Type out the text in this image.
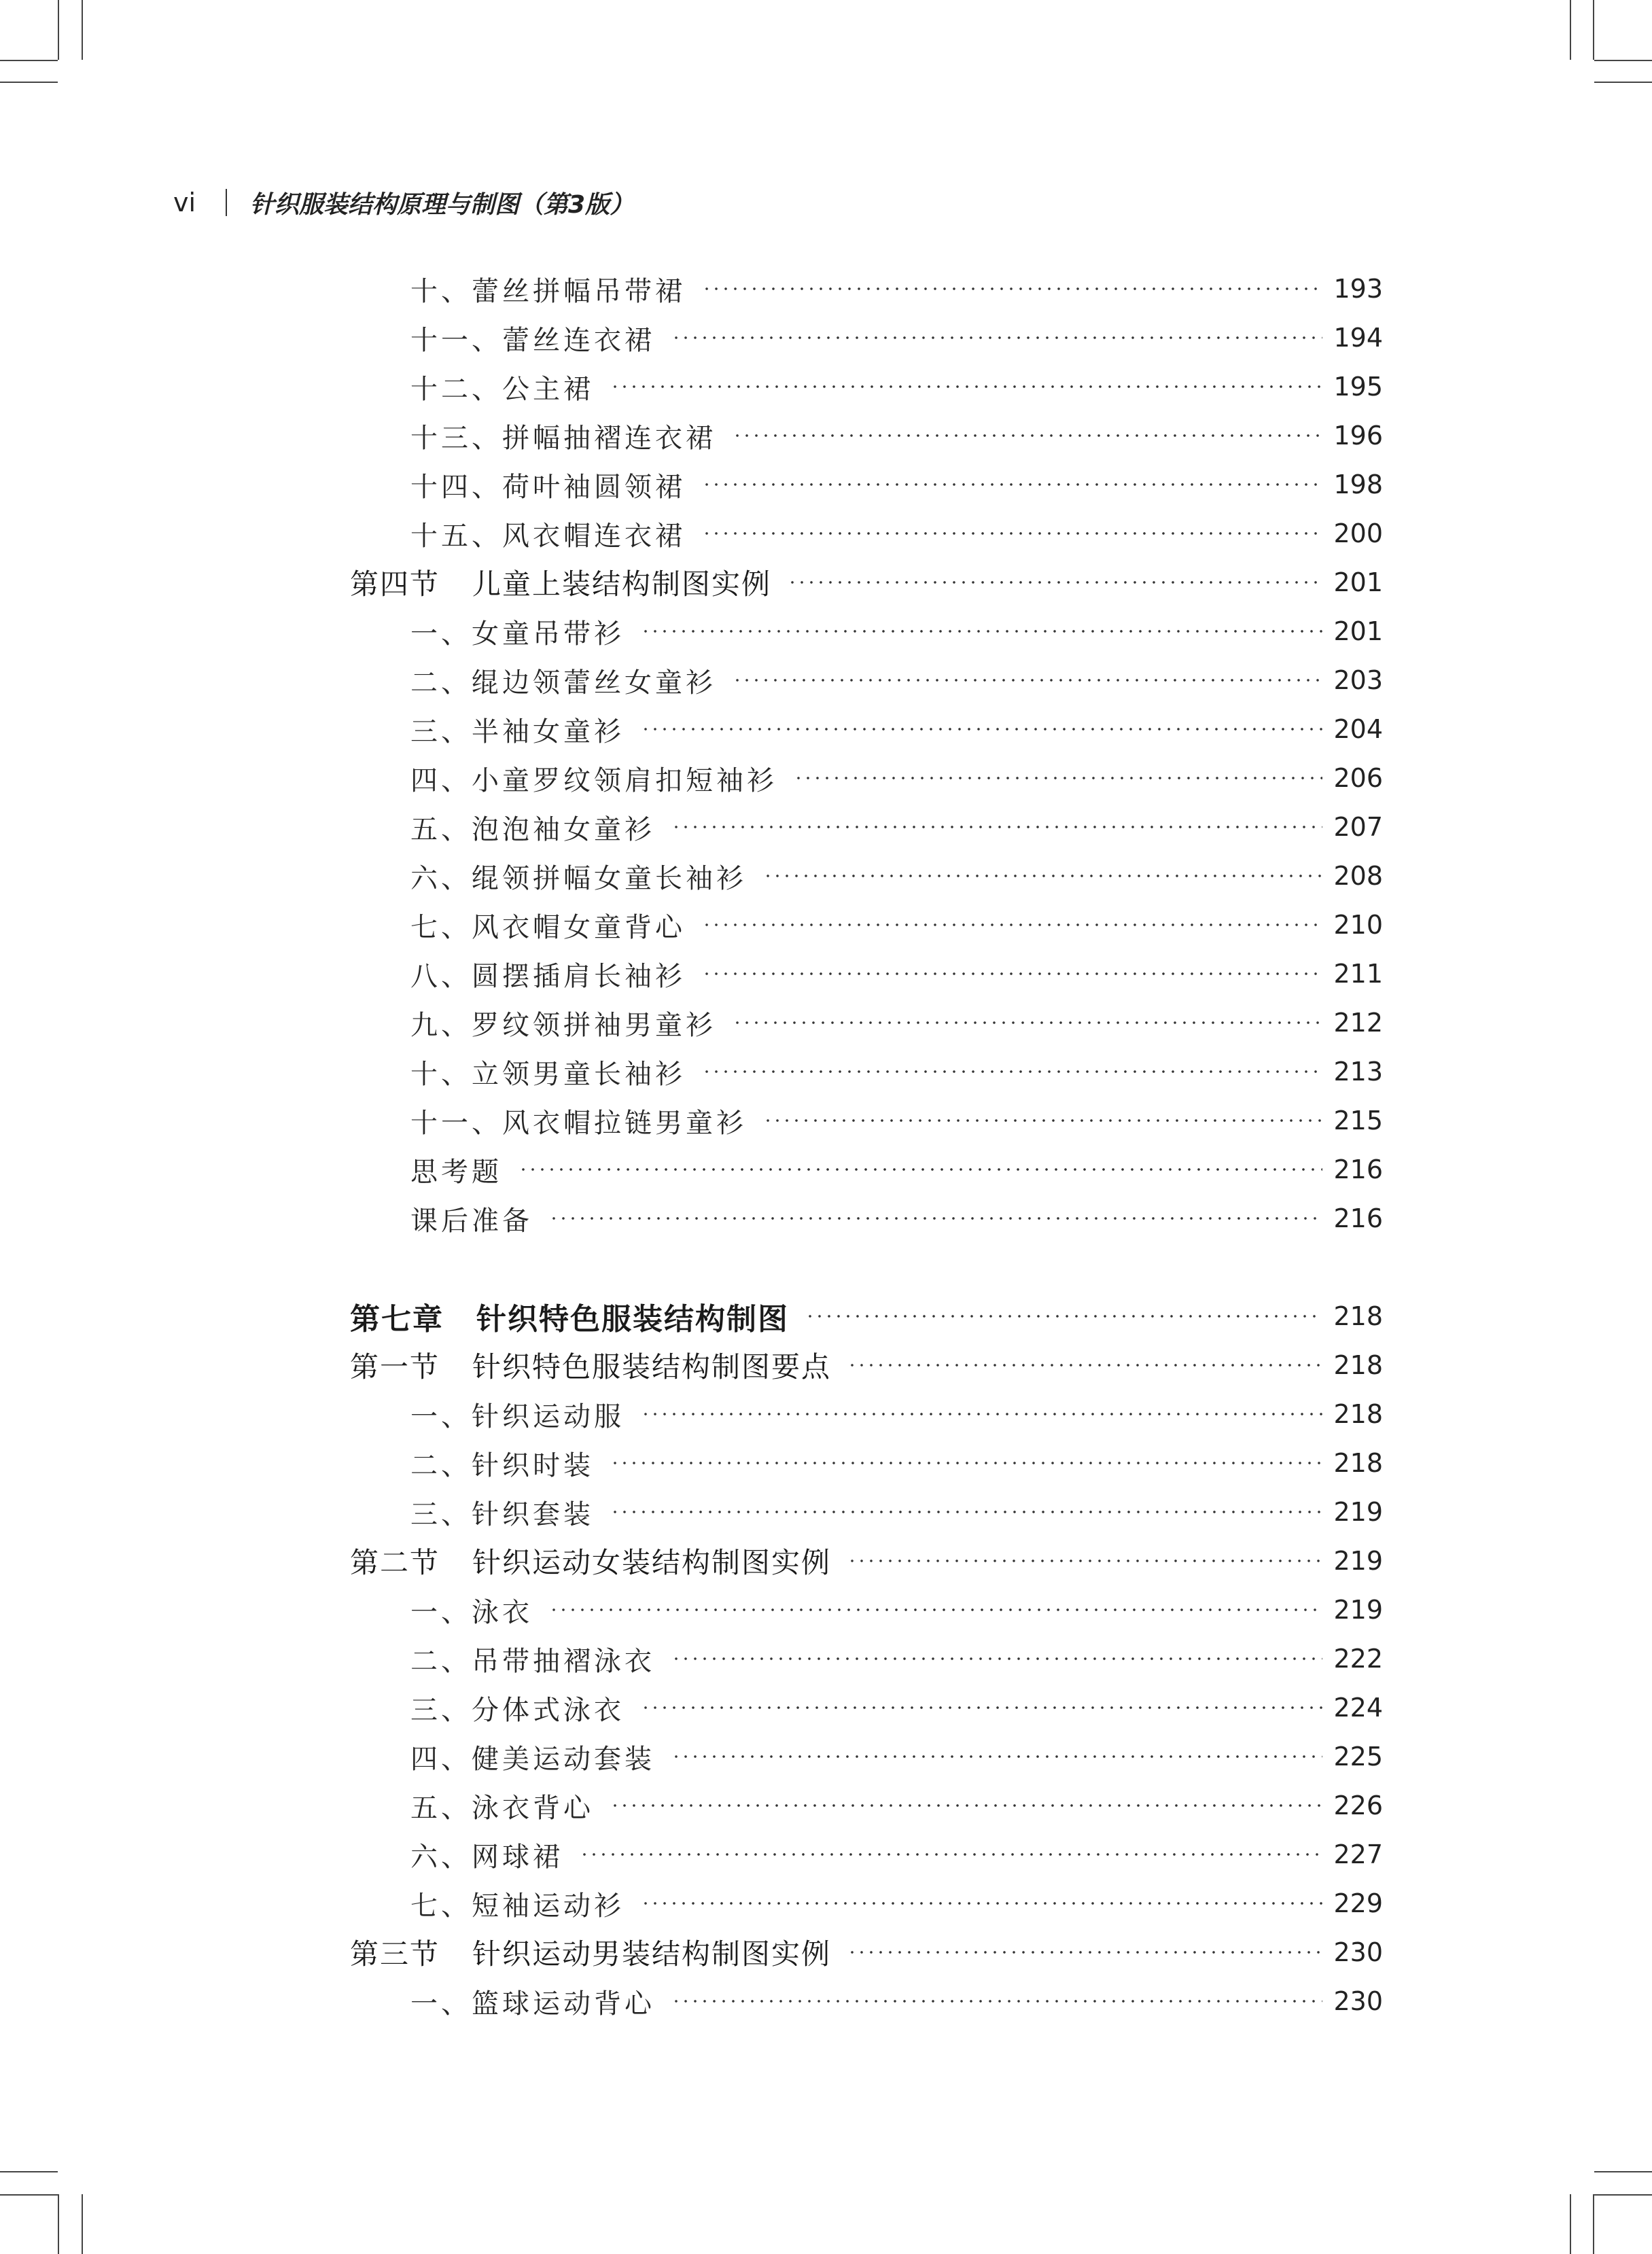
vi 针织服装结构原理与制图（第3版）
十、蕾丝拼幅吊带裙	193
十一、蕾丝连衣裙	194
十二、公主裙	195
十三、拼幅抽褶连衣裙	196
十四、荷叶袖圆领裙	198
十五、风衣帽连衣裙	200
第四节 儿童上装结构制图实例	201
一、女童吊带衫	201
二、绲边领蕾丝女童衫	203
三、半袖女童衫	204
四、小童罗纹领肩扣短袖衫	206
五、泡泡袖女童衫	207
六、绲领拼幅女童长袖衫	208
七、风衣帽女童背心	210
八、圆摆插肩长袖衫	211
九、罗纹领拼袖男童衫	212
十、立领男童长袖衫	213
十一、风衣帽拉链男童衫	215
思考题	216
课后准备	216
第七章 针织特色服装结构制图	218
第一节 针织特色服装结构制图要点	218
一、针织运动服	218
二、针织时装	218
三、针织套装	219
第二节 针织运动女装结构制图实例	219
一、泳衣	219
二、吊带抽褶泳衣	222
三、分体式泳衣	224
四、健美运动套装	225
五、泳衣背心	226
六、网球裙	227
七、短袖运动衫	229
第三节 针织运动男装结构制图实例	230
一、篮球运动背心	230
